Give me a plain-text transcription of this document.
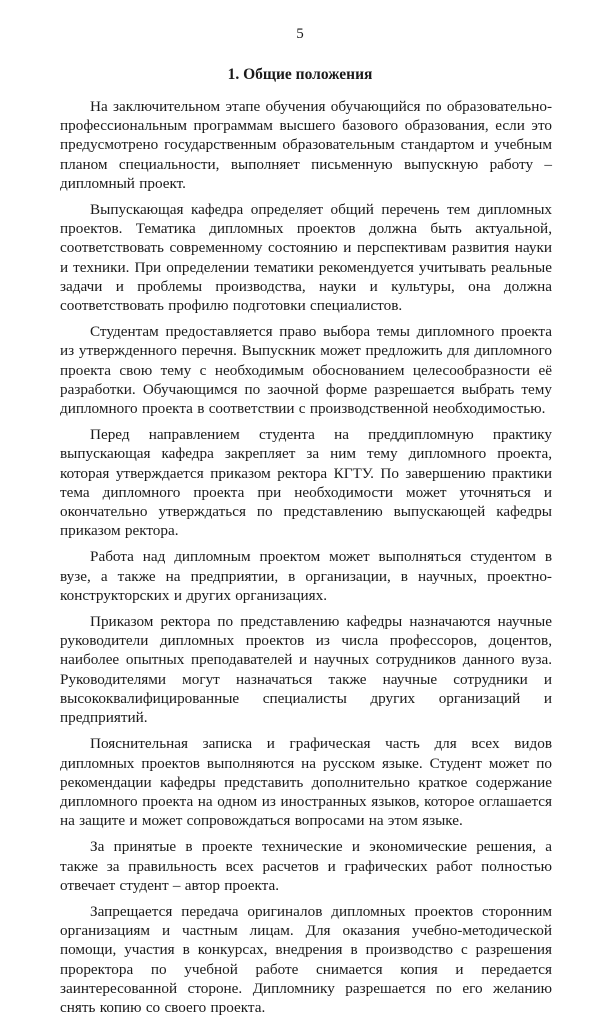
5
1. Общие положения

На заключительном этапе обучения обучающийся по образовательно-профессиональным программам высшего базового образования, если это предусмотрено государственным образовательным стандартом и учебным планом специальности, выполняет письменную выпускную работу – дипломный проект.

Выпускающая кафедра определяет общий перечень тем дипломных проектов. Тематика дипломных проектов должна быть актуальной, соответствовать современному состоянию и перспективам развития науки и техники. При определении тематики рекомендуется учитывать реальные задачи и проблемы производства, науки и культуры, она должна соответствовать профилю подготовки специалистов.

Студентам предоставляется право выбора темы дипломного проекта из утвержденного перечня. Выпускник может предложить для дипломного проекта свою тему с необходимым обоснованием целесообразности её разработки. Обучающимся по заочной форме разрешается выбрать тему дипломного проекта в соответствии с производственной необходимостью.

Перед направлением студента на преддипломную практику выпускающая кафедра закрепляет за ним тему дипломного проекта, которая утверждается приказом ректора КГТУ. По завершению практики тема дипломного проекта при необходимости может уточняться и окончательно утверждаться по представлению выпускающей кафедры приказом ректора.

Работа над дипломным проектом может выполняться студентом в вузе, а также на предприятии, в организации, в научных, проектно-конструкторских и других организациях.

Приказом ректора по представлению кафедры назначаются научные руководители дипломных проектов из числа профессоров, доцентов, наиболее опытных преподавателей и научных сотрудников данного вуза. Руководителями могут назначаться также научные сотрудники и высококвалифицированные специалисты других организаций и предприятий.

Пояснительная записка и графическая часть для всех видов дипломных проектов выполняются на русском языке. Студент может по рекомендации кафедры представить дополнительно краткое содержание дипломного проекта на одном из иностранных языков, которое оглашается на защите и может сопровождаться вопросами на этом языке.

За принятые в проекте технические и экономические решения, а также за правильность всех расчетов и графических работ полностью отвечает студент – автор проекта.

Запрещается передача оригиналов дипломных проектов сторонним организациям и частным лицам. Для оказания учебно-методической помощи, участия в конкурсах, внедрения в производство с разрешения проректора по учебной работе снимается копия и передается заинтересованной стороне. Дипломнику разрешается по его желанию снять копию со своего проекта.
